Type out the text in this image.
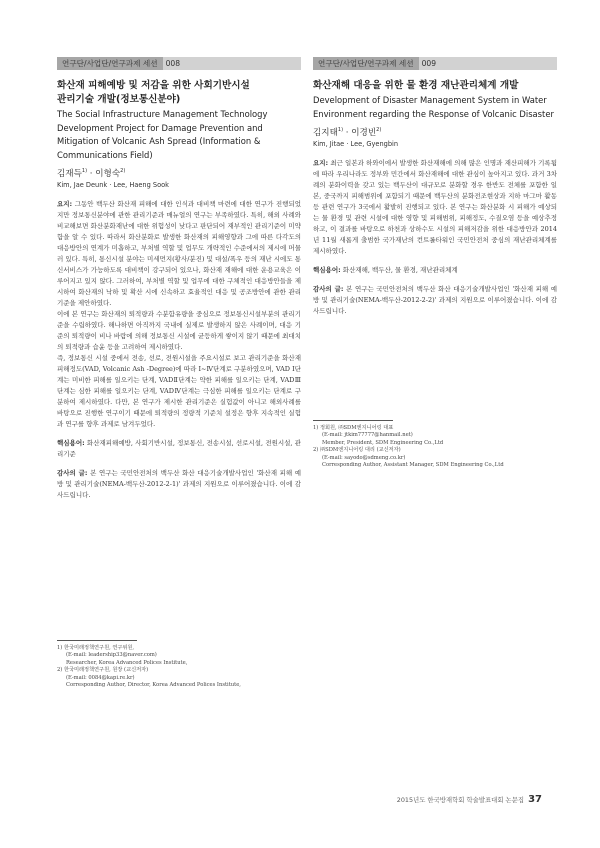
연구단/사업단/연구과제 세션 008
화산재 피해예방 및 저감을 위한 사회기반시설
관리기술 개발(정보통신분야)
The Social Infrastructure Management Technology Development Project for Damage Prevention and Mitigation of Volcanic Ash Spread (Information & Communications Field)
김재득$^{1)}$ · 이형숙$^{2)}$
Kim, Jae Deunk · Lee, Haeng Sook

요지: 그동안 백두산 화산재 피해에 대한 인식과 대비책 마련에 대한 연구가 진행되었지만 정보통신분야에 관한 관리기준과 매뉴얼의 연구는 부족하였다. 특히, 해외 사례와 비교해보면 화산분화재난에 대한 위험성이 낮다고 판단되어 재부적인 관리기준이 미약함을 알 수 있다. 따라서 화산분화로 발생한 화산재의 피해영향과 그에 따른 다각도의 대응방안의 연계가 미흡하고, 부처별 역할 및 업무도 개략적인 수준에서의 제시에 머물러 있다. 특히, 통신시설 분야는 미세먼지(황사/분진) 및 대설/폭우 등의 재난 시에도 통신서비스가 가능하도록 대비책이 강구되어 있으나, 화산재 재해에 대한 운용교육은 이루어지고 있지 않다. 그러하여, 부처별 역할 및 업무에 대한 구체적인 대응방안들을 제시하여 화산재의 낙하 및 확산 시에 신속하고 효율적인 대응 및 공조방안에 관한 관리기준을 제안하였다.

이에 본 연구는 화산재의 퇴적량과 수분함유량을 중심으로 정보통신시설부분의 관리기준을 수립하였다. 해나하면 아직까지 국내에 실제로 발생하지 않은 사례이며, 대응 기준의 퇴적량이 비나 바람에 의해 정보통신 시설에 균등하게 쌓이지 않기 때문에 최대치의 퇴적량과 습윤 등을 고려하여 제시하였다.

즉, 정보통신 시설 중에서 전송, 선로, 전원시설을 주요시설로 보고 관리기준을 화산재 피해정도(VAD, Volcanic Ash -Degree)에 따라 Ⅰ~Ⅳ단계로 구분하였으며, VAD Ⅰ단계는 미비한 피해를 일으키는 단계, VADⅡ단계는 약한 피해를 일으키는 단계, VADⅢ단계는 심한 피해를 일으키는 단계, VADⅣ단계는 극심한 피해를 일으키는 단계로 구분하여 제시하였다. 다만, 본 연구가 제시한 관리기준은 실험값이 아니고 해외사례를 바탕으로 진행한 연구이기 때문에 퇴적량의 정량적 기준치 설정은 향후 지속적인 실험과 연구를 향후 과제로 남겨두었다.

핵심용어: 화산재피해예방, 사회기반시설, 정보통신, 전송시설, 선로시설, 전원시설, 관리기준
감사의 글: 본 연구는 국민안전처의 백두산 화산 대응기술개발사업인 '화산재 피해 예방 및 관리기술(NEMA-백두산-2012-2-1)' 과제의 지원으로 이루어졌습니다. 이에 감사드립니다.
1) 한국미래정책연구원, 연구위원,
(E-mail: leadership33@naver.com)
Researcher, Korea Advanced Polices Institute,
2) 한국미래정책연구원, 원장 (교신저자)
(E-mail: 0084@kapi.re.kr)
Corresponding Author, Director, Korea Advanced Polices Institute,
연구단/사업단/연구과제 세션 009
화산재해 대응을 위한 물 환경 재난관리체계 개발
Development of Disaster Management System in Water Environment regarding the Response of Volcanic Disaster
김지태$^{1)}$ · 이경빈$^{2)}$
Kim, Jitae · Lee, Gyengbin

요지: 최근 일본과 하와이에서 발생한 화산재해에 의해 많은 인명과 재산피해가 기록됨에 따라 우리나라도 정부와 민간에서 화산재해에 대한 관심이 높아지고 있다. 과거 3차례의 분화이력을 갖고 있는 백두산이 대규모로 분화할 경우 한반도 전체를 포함한 일본, 중국까지 피해범위에 포함되기 때문에 백두산의 분화전조현상과 지하 마그마 활동 등 관련 연구가 3국에서 활발히 진행되고 있다. 본 연구는 화산분화 시 피해가 예상되는 물 환경 및 관련 시설에 대한 영향 및 피해범위, 피해정도, 수질오염 등을 예상추정하고, 이 결과를 바탕으로 하천과 상하수도 시설의 피해저감을 위한 대응방안과 2014년 11월 새롭게 출범한 국가재난의 컨트롤타워인 국민안전처 중심의 재난관리체계를 제시하였다.

핵심용어: 화산재해, 백두산, 물 환경, 재난관리체계
감사의 글: 본 연구는 국민안전처의 백두산 화산 대응기술개발사업인 '화산재 피해 예방 및 관리기술(NEMA-백두산-2012-2-2)' 과제의 지원으로 이루어졌습니다. 이에 감사드립니다.
1) 정회원, ㈜SDM엔지니어링 대표
(E-mail: jtkim77777@hanmail.net)
Member, President, SDM Engineering Co.,Ltd
2) ㈜SDM엔지니어링 대리 (교신저자)
(E-mail: sayodo@sdmeng.co.kr)
Corresponding Author, Assistant Manager, SDM Engineering Co.,Ltd
2015년도 한국방재학회 학술발표대회 논문집 37
